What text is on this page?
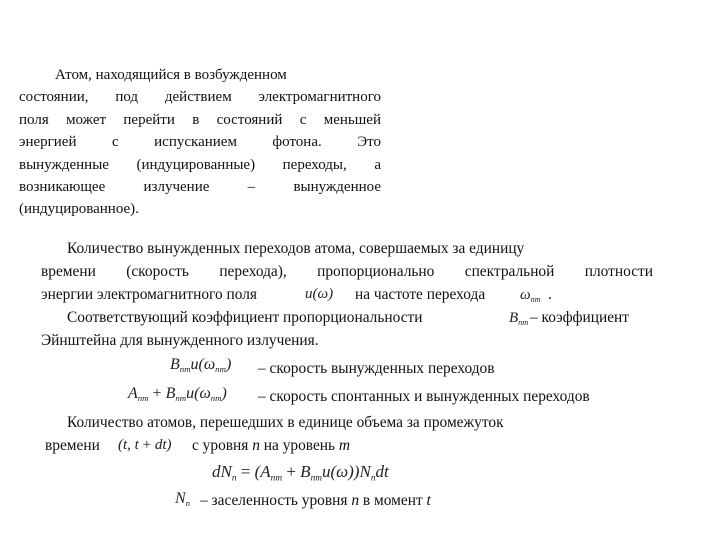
Атом, находящийся в возбужденном
состоянии, под действием электромагнитного
поля может перейти в состояний с меньшей
энергией с испусканием фотона. Это
вынужденные (индуцированные) переходы, а
возникающее излучение – вынужденное
(индуцированное).
Количество вынужденных переходов атома, совершаемых за единицу
времени (скорость перехода), пропорционально спектральной плотности
энергии электромагнитного поля	u(ω) на частоте перехода $\omega_{nm}$ .
Соответствующий коэффициент пропорциональности	$B_{nm}$ – коэффициент
Эйнштейна для вынужденного излучения.
$B_{nm}u(\omega_{nm})$ – скорость вынужденных переходов
$A_{nm} + B_{nm}u(\omega_{nm})$ – скорость спонтанных и вынужденных переходов
Количество атомов, перешедших в единице объема за промежуток
времени (t, t + dt) с уровня n на уровень m
$dN_n = (A_{nm} + B_{nm}u(\omega))N_ndt$
$N_n$ – заселенность уровня n в момент t
